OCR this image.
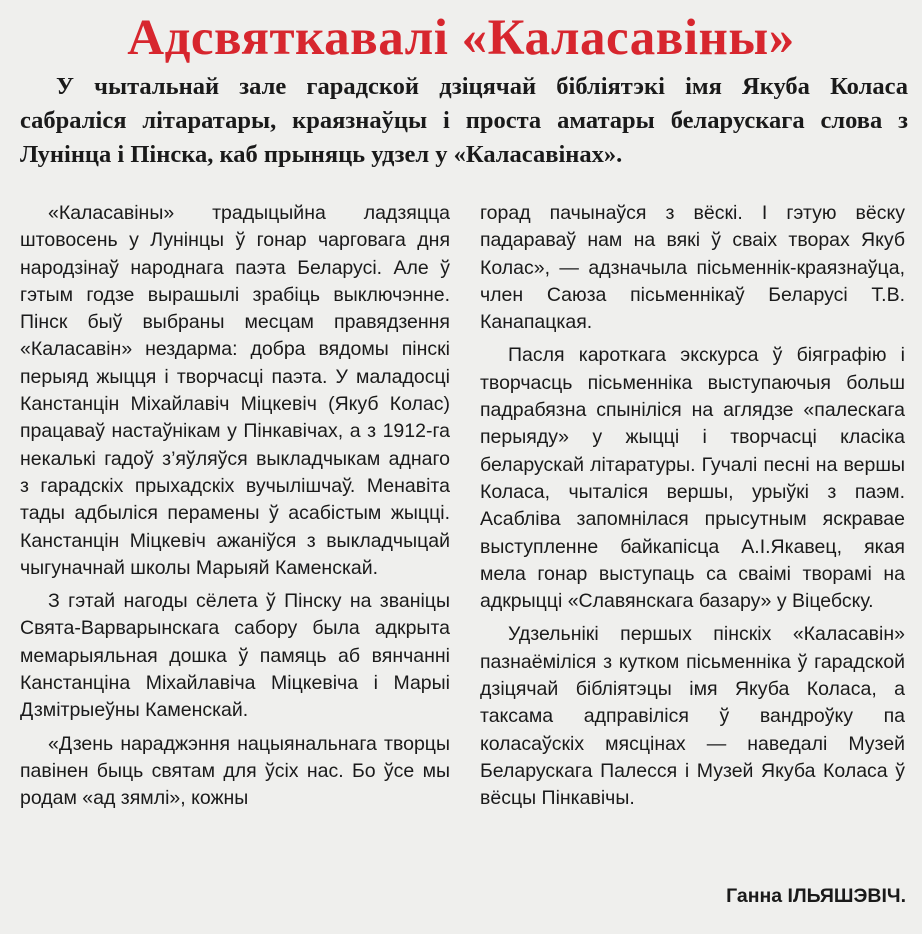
Адсвяткавалі «Каласавіны»
У чытальнай зале гарадской дзіцячай бібліятэкі імя Якуба Коласа сабраліся літаратары, краязнаўцы і проста аматары беларускага слова з Лунінца і Пінска, каб прыняць удзел у «Каласавінах».

«Каласавіны» традыцыйна ладзяцца штовосень у Лунінцы ў гонар чарговага дня народзінаў народнага паэта Беларусі. Але ў гэтым годзе вырашылі зрабіць выключэнне. Пінск быў выбраны месцам правядзення «Каласавін» нездарма: добра вядомы пінскі перыяд жыцця і творчасці паэта. У маладосці Канстанцін Міхайлавіч Міцкевіч (Якуб Колас) працаваў настаўнікам у Пінкавічах, а з 1912-га некалькі гадоў з’яўляўся выкладчыкам аднаго з гарадскіх прыхадскіх вучылішчаў. Менавіта тады адбыліся перамены ў асабістым жыцці. Канстанцін Міцкевіч ажаніўся з выкладчыцай чыгуначнай школы Марыяй Каменскай.

З гэтай нагоды сёлета ў Пінску на званіцы Свята-Варварынскага сабору была адкрыта мемарыяльная дошка ў памяць аб вянчанні Канстанціна Міхайлавіча Міцкевіча і Марыі Дзмітрыеўны Каменскай.

«Дзень нараджэння нацыянальнага творцы павінен быць святам для ўсіх нас. Бо ўсе мы родам «ад зямлі», кожны

горад пачынаўся з вёскі. І гэтую вёску падараваў нам на вякі ў сваіх творах Якуб Колас», — адзначыла пісьменнік-краязнаўца, член Саюза пісьменнікаў Беларусі Т.В. Канапацкая.

Пасля кароткага экскурса ў біяграфію і творчасць пісьменніка выступаючыя больш падрабязна спыніліся на аглядзе «палескага перыяду» у жыцці і творчасці класіка беларускай літаратуры. Гучалі песні на вершы Коласа, чыталіся вершы, урыўкі з паэм. Асабліва запомнілася прысутным яскравае выступленне байкапісца А.І.Якавец, якая мела гонар выступаць са сваімі творамі на адкрыцці «Славянскага базару» у Віцебску.

Удзельнікі першых пінскіх «Каласавін» пазнаёміліся з кутком пісьменніка ў гарадской дзіцячай бібліятэцы імя Якуба Коласа, а таксама адправіліся ў вандроўку па коласаўскіх мясцінах — наведалі Музей Беларускага Палесся і Музей Якуба Коласа ў вёсцы Пінкавічы.

Ганна ІЛЬЯШЭВІЧ.
